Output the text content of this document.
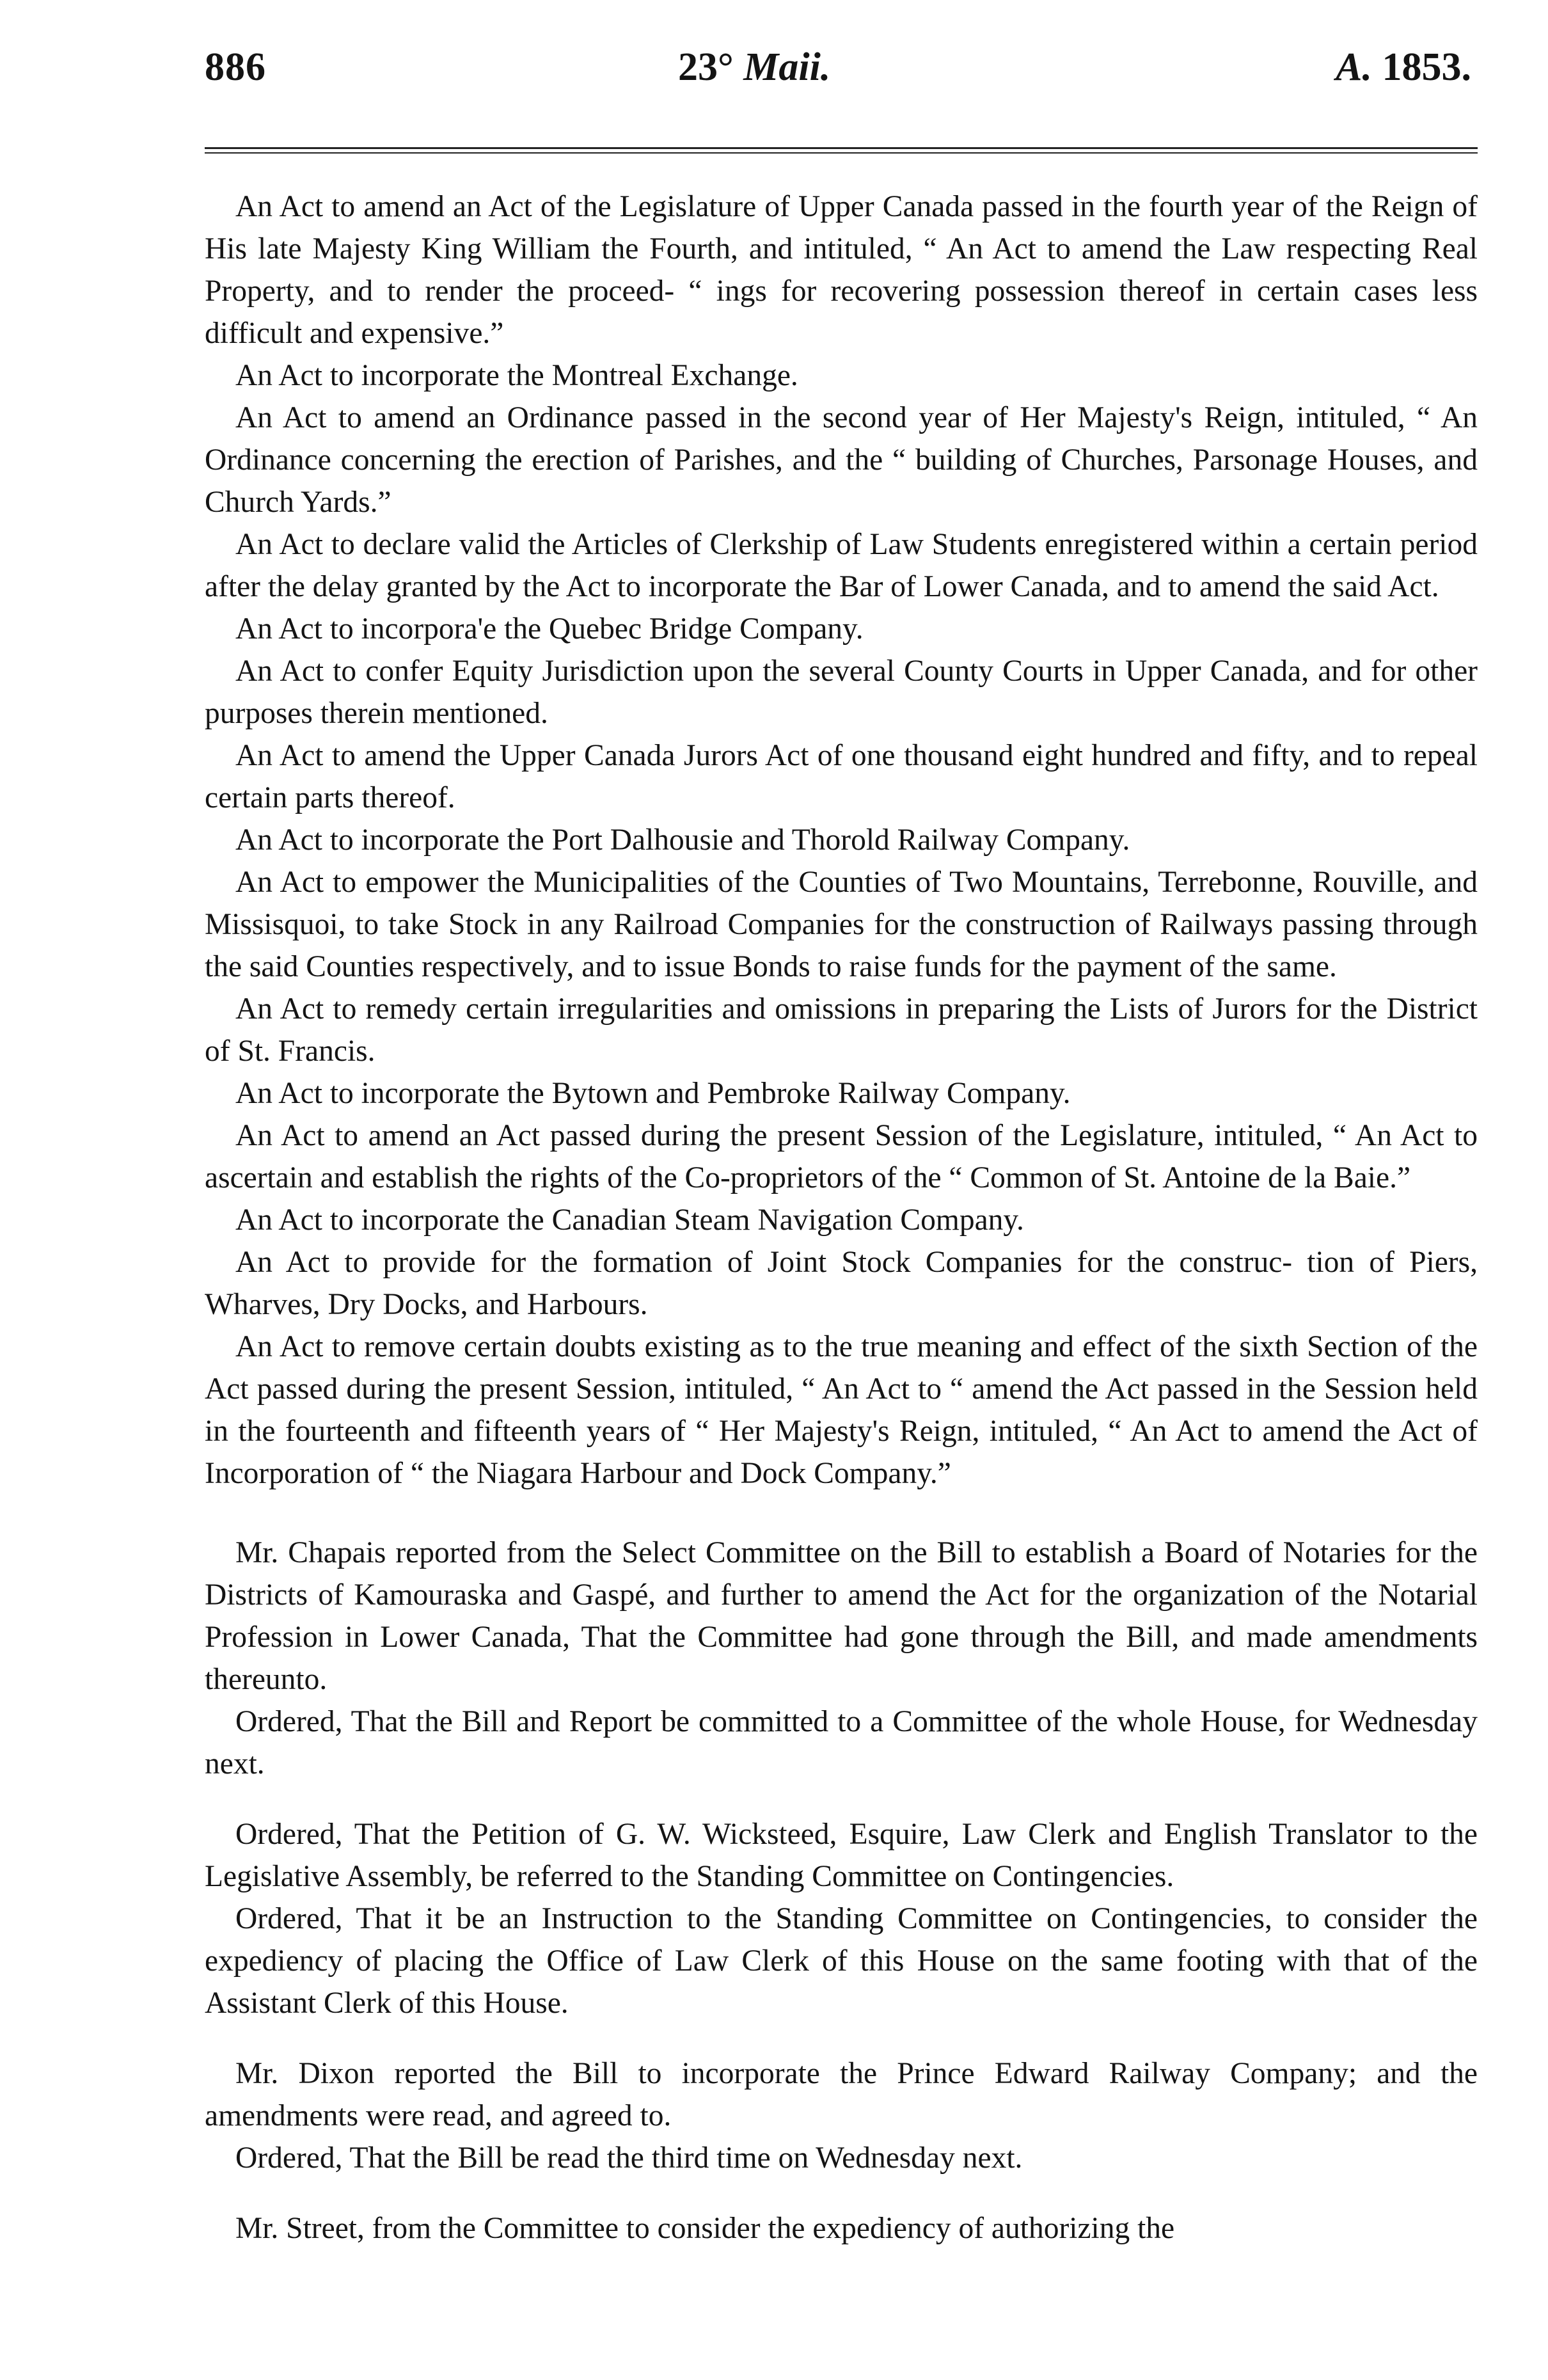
886	23° Maii.	A. 1853.

An Act to amend an Act of the Legislature of Upper Canada passed in the fourth year of the Reign of His late Majesty King William the Fourth, and intituled, “ An Act to amend the Law respecting Real Property, and to render the proceed- “ ings for recovering possession thereof in certain cases less difficult and expensive.”

An Act to incorporate the Montreal Exchange.

An Act to amend an Ordinance passed in the second year of Her Majesty's Reign, intituled, “ An Ordinance concerning the erection of Parishes, and the “ building of Churches, Parsonage Houses, and Church Yards.”

An Act to declare valid the Articles of Clerkship of Law Students enregistered within a certain period after the delay granted by the Act to incorporate the Bar of Lower Canada, and to amend the said Act.

An Act to incorpora'e the Quebec Bridge Company.

An Act to confer Equity Jurisdiction upon the several County Courts in Upper Canada, and for other purposes therein mentioned.

An Act to amend the Upper Canada Jurors Act of one thousand eight hundred and fifty, and to repeal certain parts thereof.

An Act to incorporate the Port Dalhousie and Thorold Railway Company.

An Act to empower the Municipalities of the Counties of Two Mountains, Terrebonne, Rouville, and Missisquoi, to take Stock in any Railroad Companies for the construction of Railways passing through the said Counties respectively, and to issue Bonds to raise funds for the payment of the same.

An Act to remedy certain irregularities and omissions in preparing the Lists of Jurors for the District of St. Francis.

An Act to incorporate the Bytown and Pembroke Railway Company.

An Act to amend an Act passed during the present Session of the Legislature, intituled, “ An Act to ascertain and establish the rights of the Co-proprietors of the “ Common of St. Antoine de la Baie.”

An Act to incorporate the Canadian Steam Navigation Company.

An Act to provide for the formation of Joint Stock Companies for the construc- tion of Piers, Wharves, Dry Docks, and Harbours.

An Act to remove certain doubts existing as to the true meaning and effect of the sixth Section of the Act passed during the present Session, intituled, “ An Act to “ amend the Act passed in the Session held in the fourteenth and fifteenth years of “ Her Majesty's Reign, intituled, “ An Act to amend the Act of Incorporation of “ the Niagara Harbour and Dock Company.”

Mr. Chapais reported from the Select Committee on the Bill to establish a Board of Notaries for the Districts of Kamouraska and Gaspé, and further to amend the Act for the organization of the Notarial Profession in Lower Canada, That the Committee had gone through the Bill, and made amendments thereunto.

Ordered, That the Bill and Report be committed to a Committee of the whole House, for Wednesday next.

Ordered, That the Petition of G. W. Wicksteed, Esquire, Law Clerk and English Translator to the Legislative Assembly, be referred to the Standing Committee on Contingencies.

Ordered, That it be an Instruction to the Standing Committee on Contingencies, to consider the expediency of placing the Office of Law Clerk of this House on the same footing with that of the Assistant Clerk of this House.

Mr. Dixon reported the Bill to incorporate the Prince Edward Railway Company; and the amendments were read, and agreed to.

Ordered, That the Bill be read the third time on Wednesday next.

Mr. Street, from the Committee to consider the expediency of authorizing the
